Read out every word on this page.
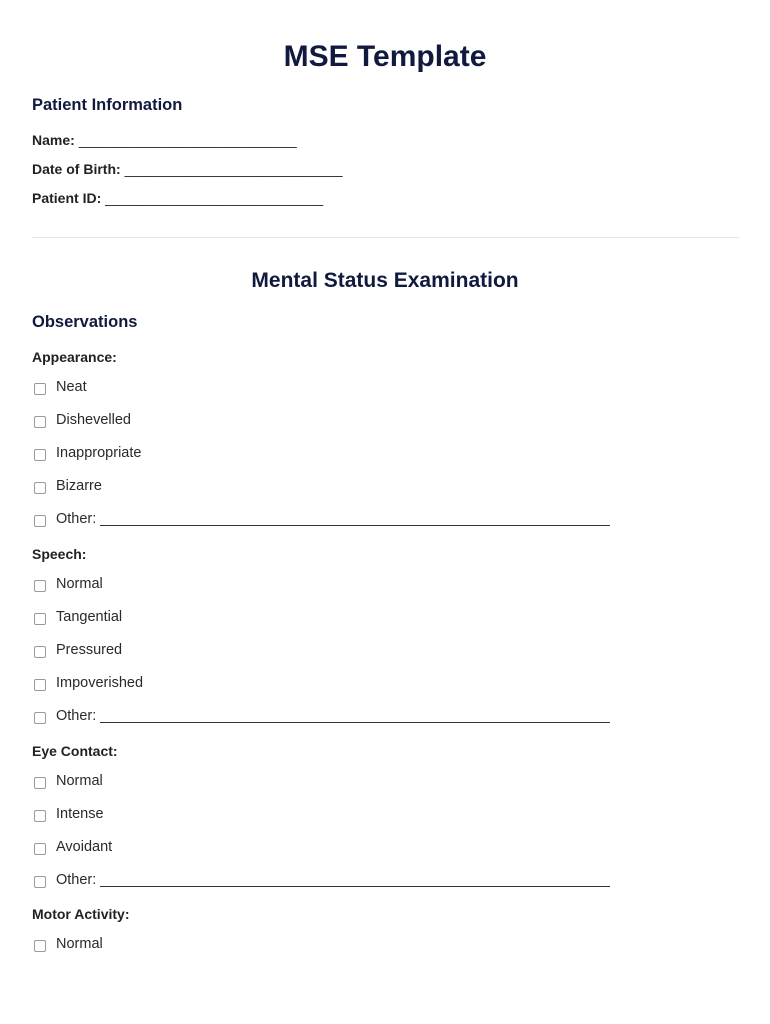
MSE Template
Patient Information
Name: ____________________________
Date of Birth: ____________________________
Patient ID: ____________________________
Mental Status Examination
Observations
Appearance:
Neat
Dishevelled
Inappropriate
Bizarre
Other:
Speech:
Normal
Tangential
Pressured
Impoverished
Other:
Eye Contact:
Normal
Intense
Avoidant
Other:
Motor Activity:
Normal
